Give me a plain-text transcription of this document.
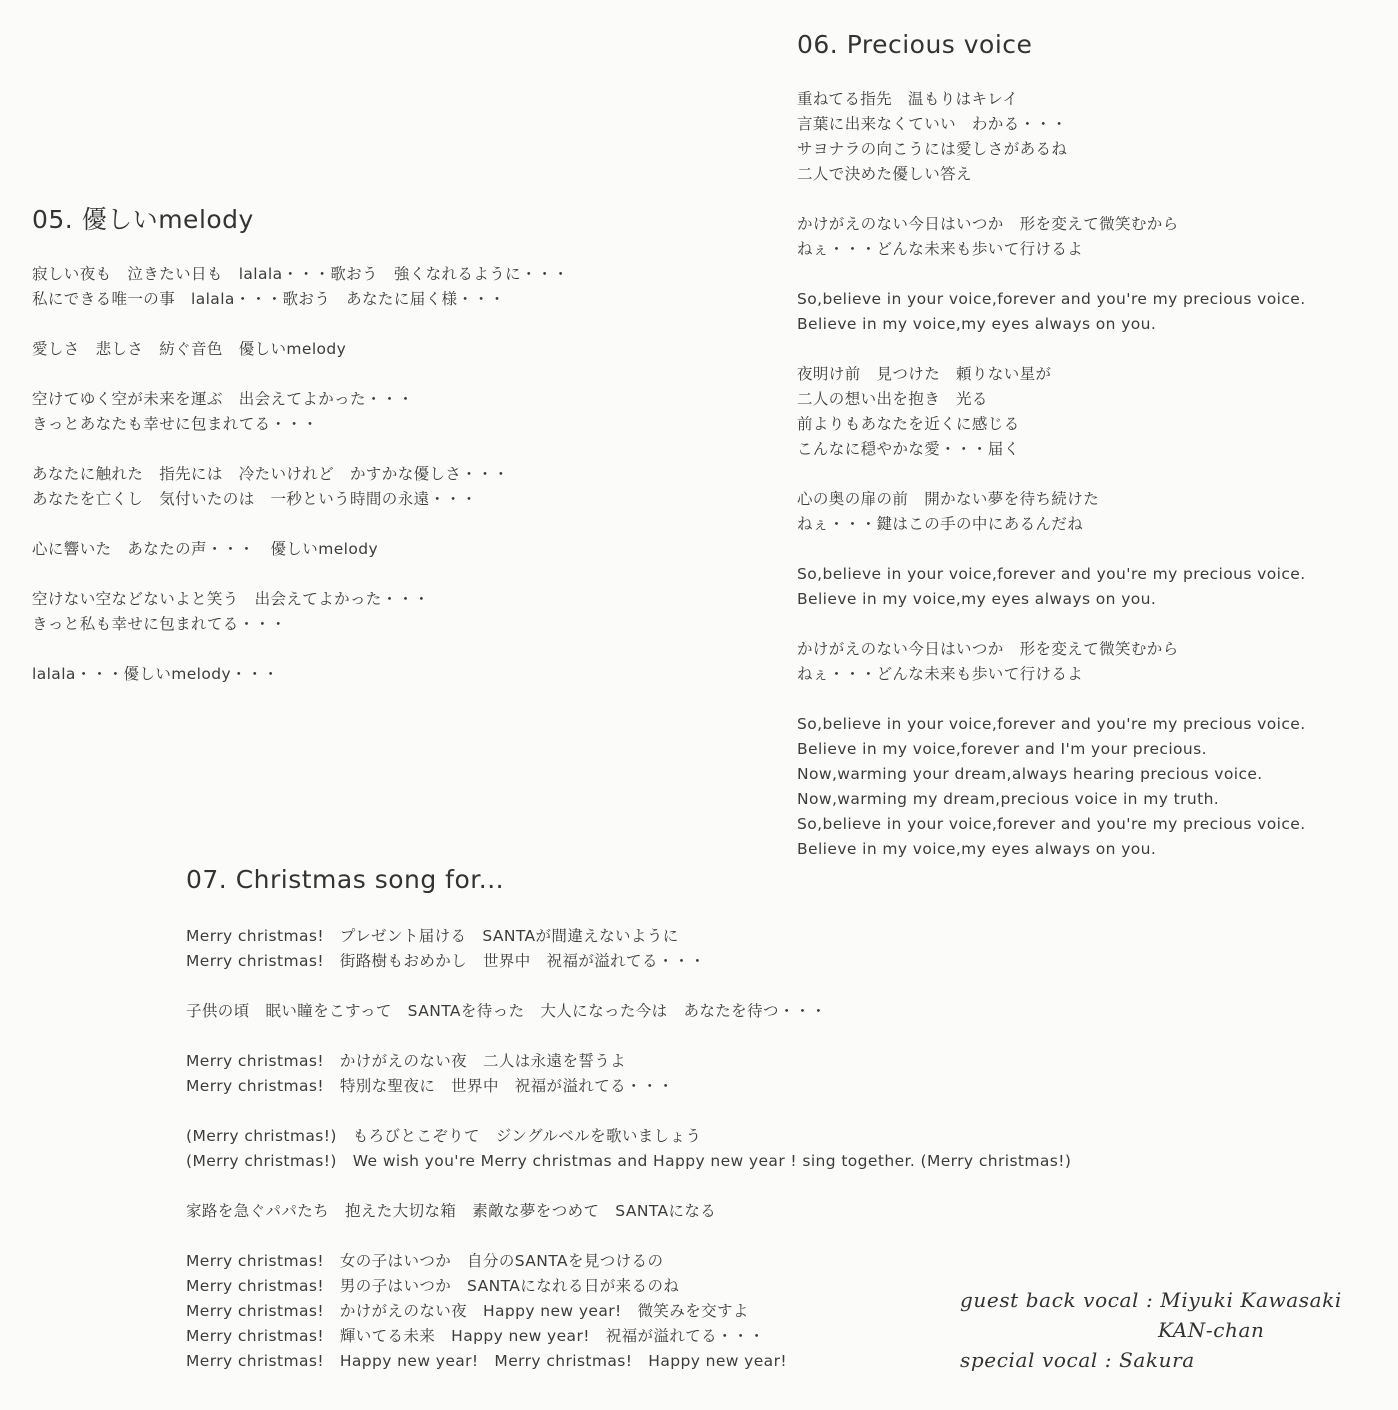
05. 優しいmelody
寂しい夜も　泣きたい日も　lalala・・・歌おう　強くなれるように・・・
私にできる唯一の事　lalala・・・歌おう　あなたに届く様・・・
愛しさ　悲しさ　紡ぐ音色　優しいmelody
空けてゆく空が未来を運ぶ　出会えてよかった・・・
きっとあなたも幸せに包まれてる・・・
あなたに触れた　指先には　冷たいけれど　かすかな優しさ・・・
あなたを亡くし　気付いたのは　一秒という時間の永遠・・・
心に響いた　あなたの声・・・　優しいmelody
空けない空などないよと笑う　出会えてよかった・・・
きっと私も幸せに包まれてる・・・
lalala・・・優しいmelody・・・
06. Precious voice
重ねてる指先　温もりはキレイ
言葉に出来なくていい　わかる・・・
サヨナラの向こうには愛しさがあるね
二人で決めた優しい答え
かけがえのない今日はいつか　形を変えて微笑むから
ねぇ・・・どんな未来も歩いて行けるよ
So,believe in your voice,forever and you're my precious voice.
Believe in my voice,my eyes always on you.
夜明け前　見つけた　頼りない星が
二人の想い出を抱き　光る
前よりもあなたを近くに感じる
こんなに穏やかな愛・・・届く
心の奥の扉の前　開かない夢を待ち続けた
ねぇ・・・鍵はこの手の中にあるんだね
So,believe in your voice,forever and you're my precious voice.
Believe in my voice,my eyes always on you.
かけがえのない今日はいつか　形を変えて微笑むから
ねぇ・・・どんな未来も歩いて行けるよ
So,believe in your voice,forever and you're my precious voice.
Believe in my voice,forever and I'm your precious.
Now,warming your dream,always hearing precious voice.
Now,warming my dream,precious voice in my truth.
So,believe in your voice,forever and you're my precious voice.
Believe in my voice,my eyes always on you.
07. Christmas song for...
Merry christmas!　プレゼント届ける　SANTAが間違えないように
Merry christmas!　街路樹もおめかし　世界中　祝福が溢れてる・・・
子供の頃　眠い瞳をこすって　SANTAを待った　大人になった今は　あなたを待つ・・・
Merry christmas!　かけがえのない夜　二人は永遠を誓うよ
Merry christmas!　特別な聖夜に　世界中　祝福が溢れてる・・・
(Merry christmas!)　もろびとこぞりて　ジングルベルを歌いましょう
(Merry christmas!)　We wish you're Merry christmas and Happy new year ! sing together. (Merry christmas!)
家路を急ぐパパたち　抱えた大切な箱　素敵な夢をつめて　SANTAになる
Merry christmas!　女の子はいつか　自分のSANTAを見つけるの
Merry christmas!　男の子はいつか　SANTAになれる日が来るのね
Merry christmas!　かけがえのない夜　Happy new year!　微笑みを交すよ
Merry christmas!　輝いてる未来　Happy new year!　祝福が溢れてる・・・
Merry christmas!　Happy new year!　Merry christmas!　Happy new year!
guest back vocal : Miyuki Kawasaki
KAN-chan
special vocal : Sakura
